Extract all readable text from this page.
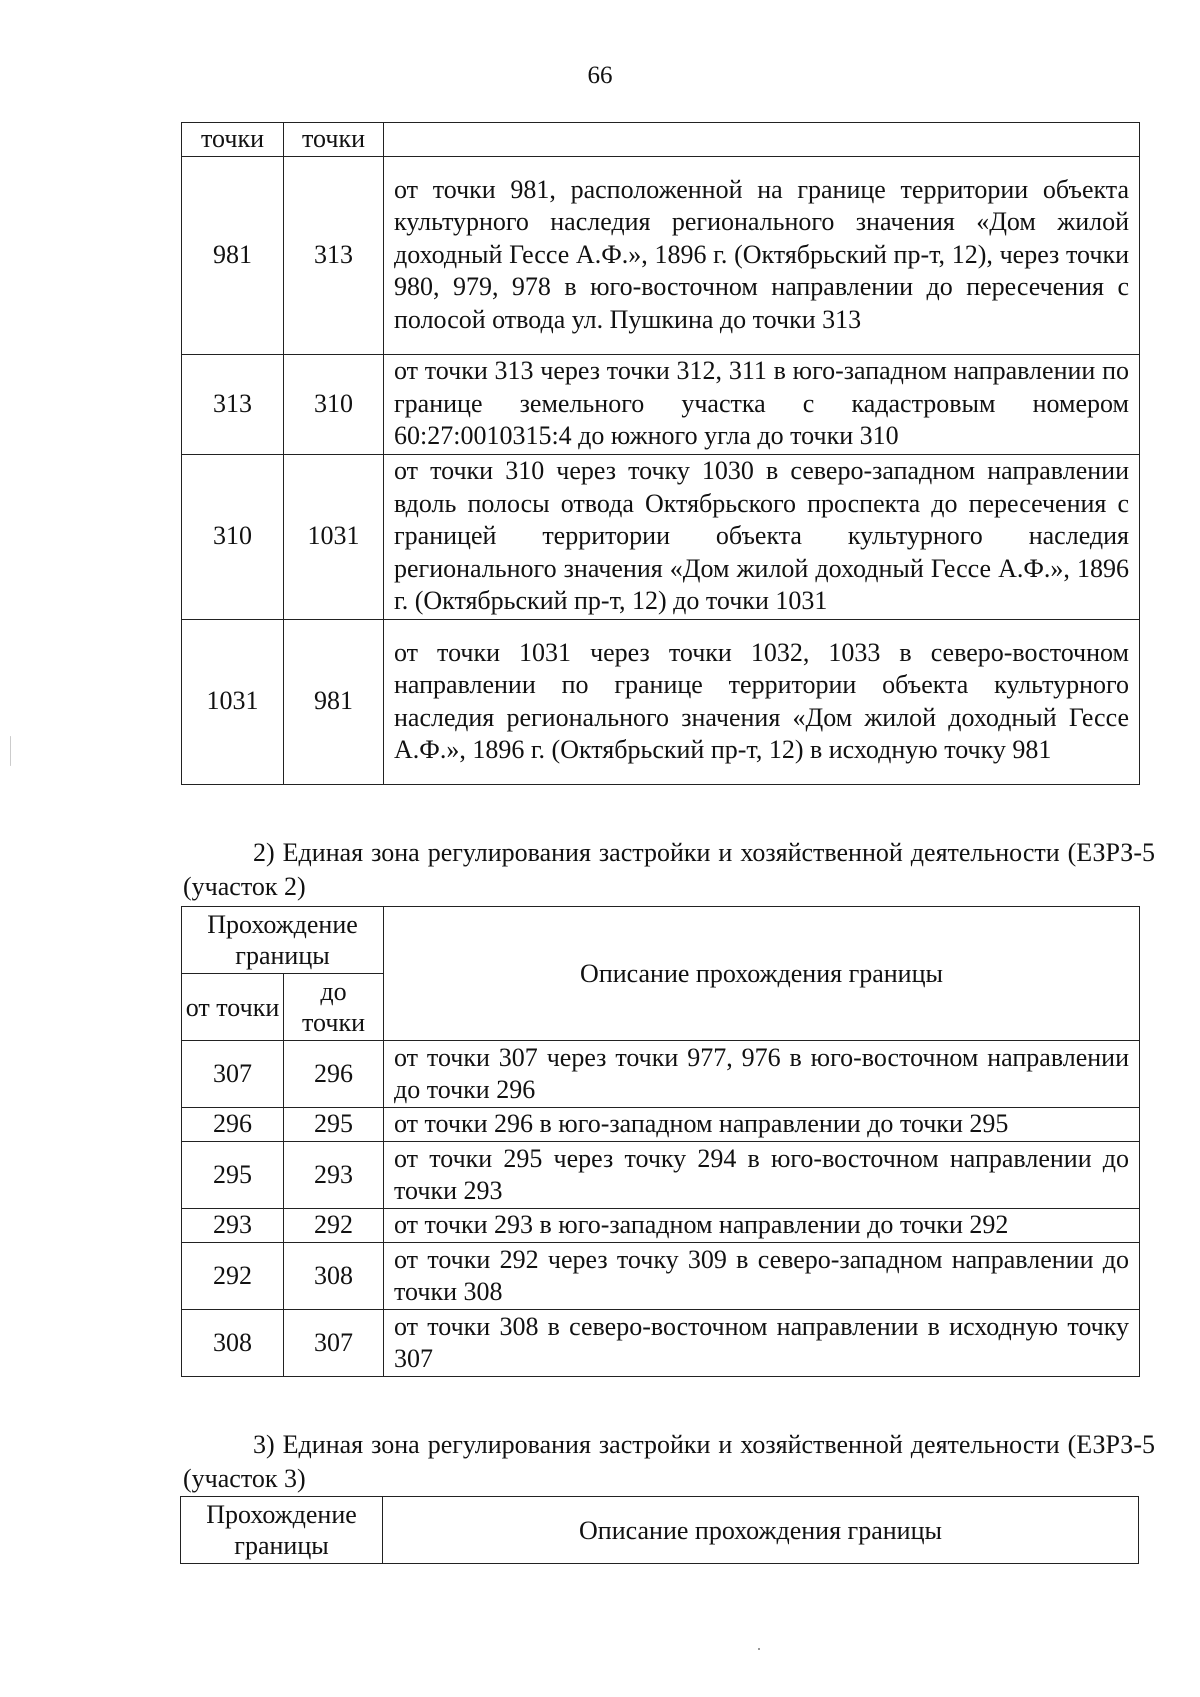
66
точки	точки	
981	313	от точки 981, расположенной на границе территории объекта культурного наследия регионального значения «Дом жилой доходный Гессе А.Ф.», 1896 г. (Октябрьский пр-т, 12), через точки 980, 979, 978 в юго-восточном направлении до пересечения с полосой отвода ул. Пушкина до точки 313
313	310	от точки 313 через точки 312, 311 в юго-западном направлении по границе земельного участка с кадастровым номером 60:27:0010315:4 до южного угла до точки 310
310	1031	от точки 310 через точку 1030 в северо-западном направлении вдоль полосы отвода Октябрьского проспекта до пересечения с границей территории объекта культурного наследия регионального значения «Дом жилой доходный Гессе А.Ф.», 1896 г. (Октябрьский пр-т, 12) до точки 1031
1031	981	от точки 1031 через точки 1032, 1033 в северо-восточном направлении по границе территории объекта культурного наследия регионального значения «Дом жилой доходный Гессе А.Ф.», 1896 г. (Октябрьский пр-т, 12) в исходную точку 981

2) Единая зона регулирования застройки и хозяйственной деятельности (ЕЗРЗ-5 (участок 2)

Прохождение границы		Описание прохождения границы
от точки	до точки	
307	296	от точки 307 через точки 977, 976 в юго-восточном направлении до точки 296
296	295	от точки 296 в юго-западном направлении до точки 295
295	293	от точки 295 через точку 294 в юго-восточном направлении до точки 293
293	292	от точки 293 в юго-западном направлении до точки 292
292	308	от точки 292 через точку 309 в северо-западном направлении до точки 308
308	307	от точки 308 в северо-восточном направлении в исходную точку 307

3) Единая зона регулирования застройки и хозяйственной деятельности (ЕЗРЗ-5 (участок 3)

Прохождение границы	Описание прохождения границы
